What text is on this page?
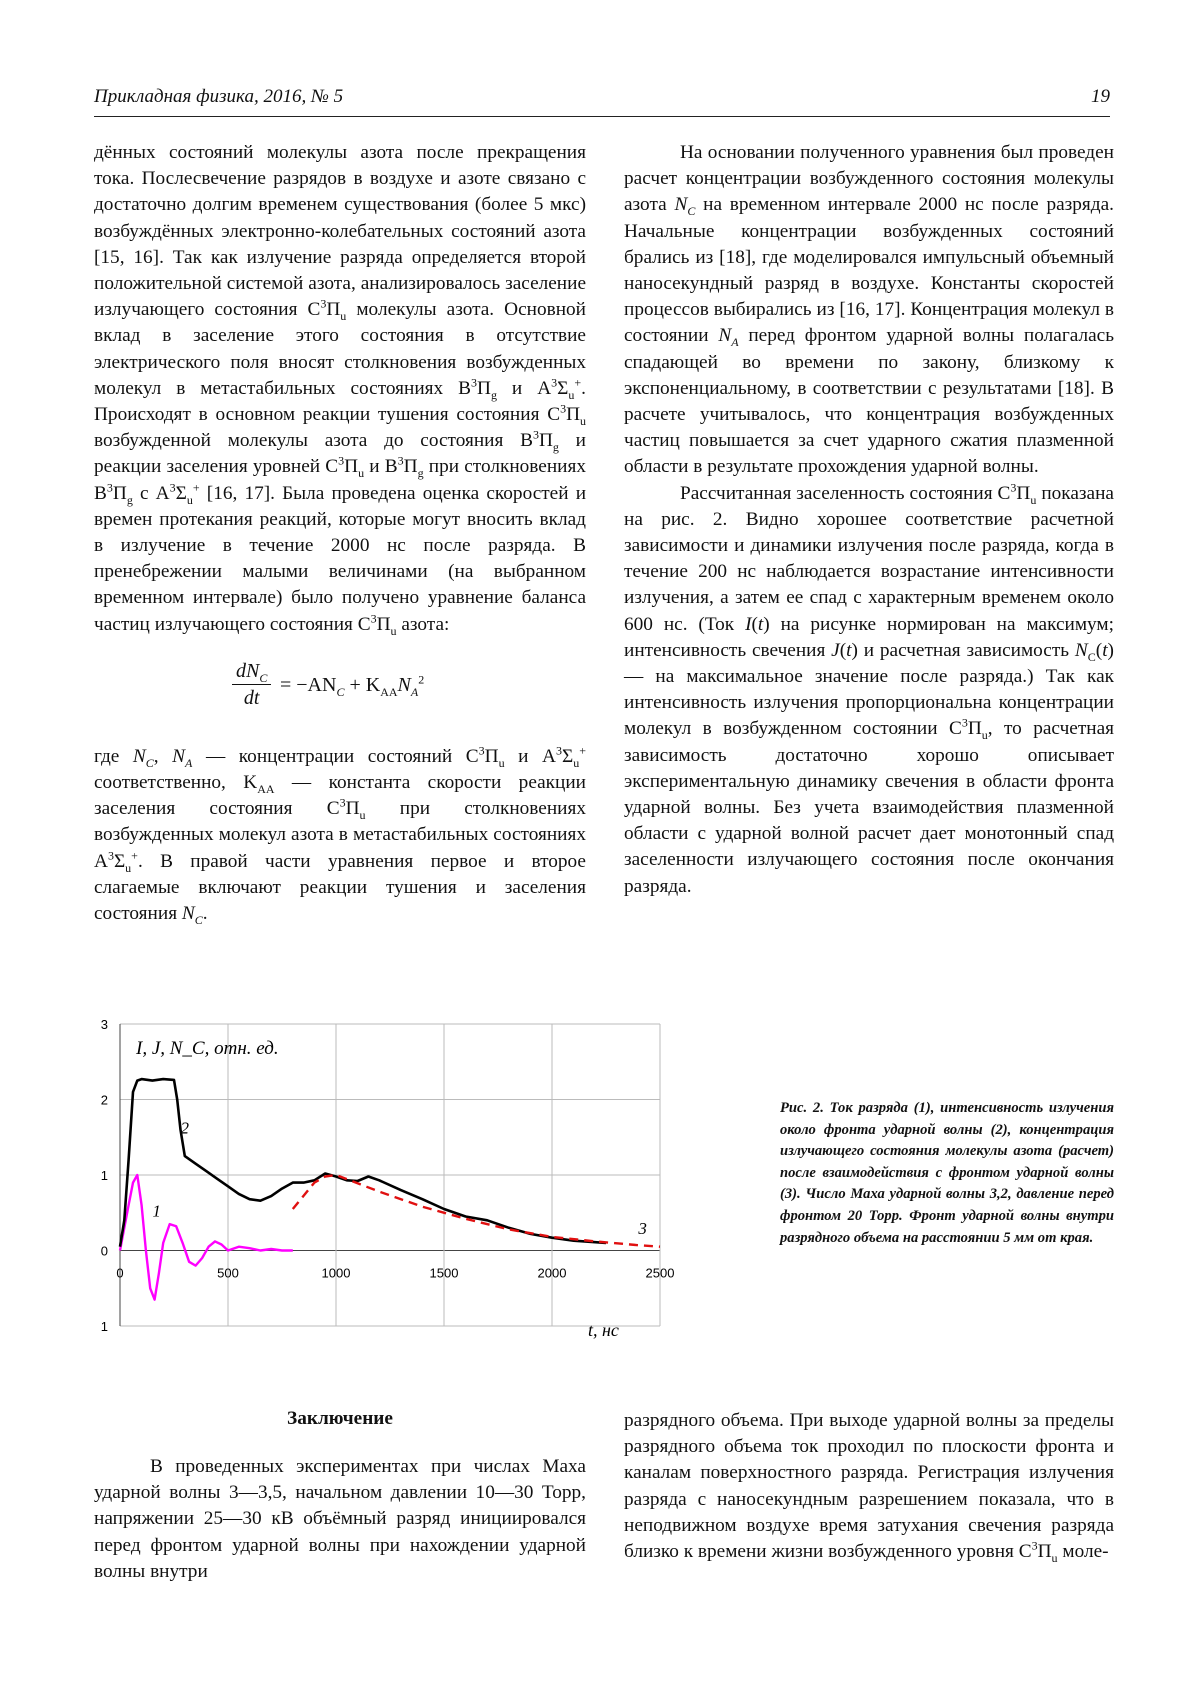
Прикладная физика, 2016, № 5	19

дённых состояний молекулы азота после прекращения тока. Послесвечение разрядов в воздухе и азоте связано с достаточно долгим временем существования (более 5 мкс) возбуждённых электронно-колебательных состояний азота [15, 16]. Так как излучение разряда определяется второй положительной системой азота, анализировалось заселение излучающего состояния $C^3\Pi_u$ молекулы азота. Основной вклад в заселение этого состояния в отсутствие электрического поля вносят столкновения возбужденных молекул в метастабильных состояниях $B^3\Pi_g$ и $A^3\Sigma_u^+$. Происходят в основном реакции тушения состояния $C^3\Pi_u$ возбужденной молекулы азота до состояния $B^3\Pi_g$ и реакции заселения уровней $C^3\Pi_u$ и $B^3\Pi_g$ при столкновениях $B^3\Pi_g$ с $A^3\Sigma_u^+$ [16, 17]. Была проведена оценка скоростей и времен протекания реакций, которые могут вносить вклад в излучение в течение 2000 нс после разряда. В пренебрежении малыми величинами (на выбранном временном интервале) было получено уравнение баланса частиц излучающего состояния $C^3\Pi_u$ азота:

$dN_C$
dt
= $-AN_C + K_{AA}N_A^2$

где $N_C$, $N_A$ — концентрации состояний $C^3\Pi_u$ и $A^3\Sigma_u^+$ соответственно, $K_{AA}$ — константа скорости реакции заселения состояния $C^3\Pi_u$ при столкновениях возбужденных молекул азота в метастабильных состояниях $A^3\Sigma_u^+$. В правой части уравнения первое и второе слагаемые включают реакции тушения и заселения состояния $N_C$.

На основании полученного уравнения был проведен расчет концентрации возбужденного состояния молекулы азота $N_C$ на временном интервале 2000 нс после разряда. Начальные концентрации возбужденных состояний брались из [18], где моделировался импульсный объемный наносекундный разряд в воздухе. Константы скоростей процессов выбирались из [16, 17]. Концентрация молекул в состоянии $N_A$ перед фронтом ударной волны полагалась спадающей во времени по закону, близкому к экспоненциальному, в соответствии с результатами [18]. В расчете учитывалось, что концентрация возбужденных частиц повышается за счет ударного сжатия плазменной области в результате прохождения ударной волны.

Рассчитанная заселенность состояния $C^3\Pi_u$ показана на рис. 2. Видно хорошее соответствие расчетной зависимости и динамики излучения после разряда, когда в течение 200 нс наблюдается возрастание интенсивности излучения, а затем ее спад с характерным временем около 600 нс. (Ток I(t) на рисунке нормирован на максимум; интенсивность свечения J(t) и расчетная зависимость $N_C(t)$ — на максимальное значение после разряда.) Так как интенсивность излучения пропорциональна концентрации молекул в возбужденном состоянии $C^3\Pi_u$, то расчетная зависимость достаточно хорошо описывает экспериментальную динамику свечения в области фронта ударной волны. Без учета взаимодействия плазменной области с ударной волной расчет дает монотонный спад заселенности излучающего состояния после окончания разряда.

3
2
1
0
1
0	500	1000	1500	2000	2500
1
2
3
I, J, N_C, отн. ед.
t, нс
Рис. 2. Ток разряда (1), интенсивность излучения около фронта ударной волны (2), концентрация излучающего состояния молекулы азота (расчет) после взаимодействия с фронтом ударной волны (3). Число Маха ударной волны 3,2, давление перед фронтом 20 Торр. Фронт ударной волны внутри разрядного объема на расстоянии 5 мм от края.
Заключение

В проведенных экспериментах при числах Маха ударной волны 3—3,5, начальном давлении 10—30 Торр, напряжении 25—30 кВ объёмный разряд инициировался перед фронтом ударной волны при нахождении ударной волны внутри

разрядного объема. При выходе ударной волны за пределы разрядного объема ток проходил по плоскости фронта и каналам поверхностного разряда. Регистрация излучения разряда с наносекундным разрешением показала, что в неподвижном воздухе время затухания свечения разряда близко к времени жизни возбужденного уровня $C^3\Pi_u$ моле-
